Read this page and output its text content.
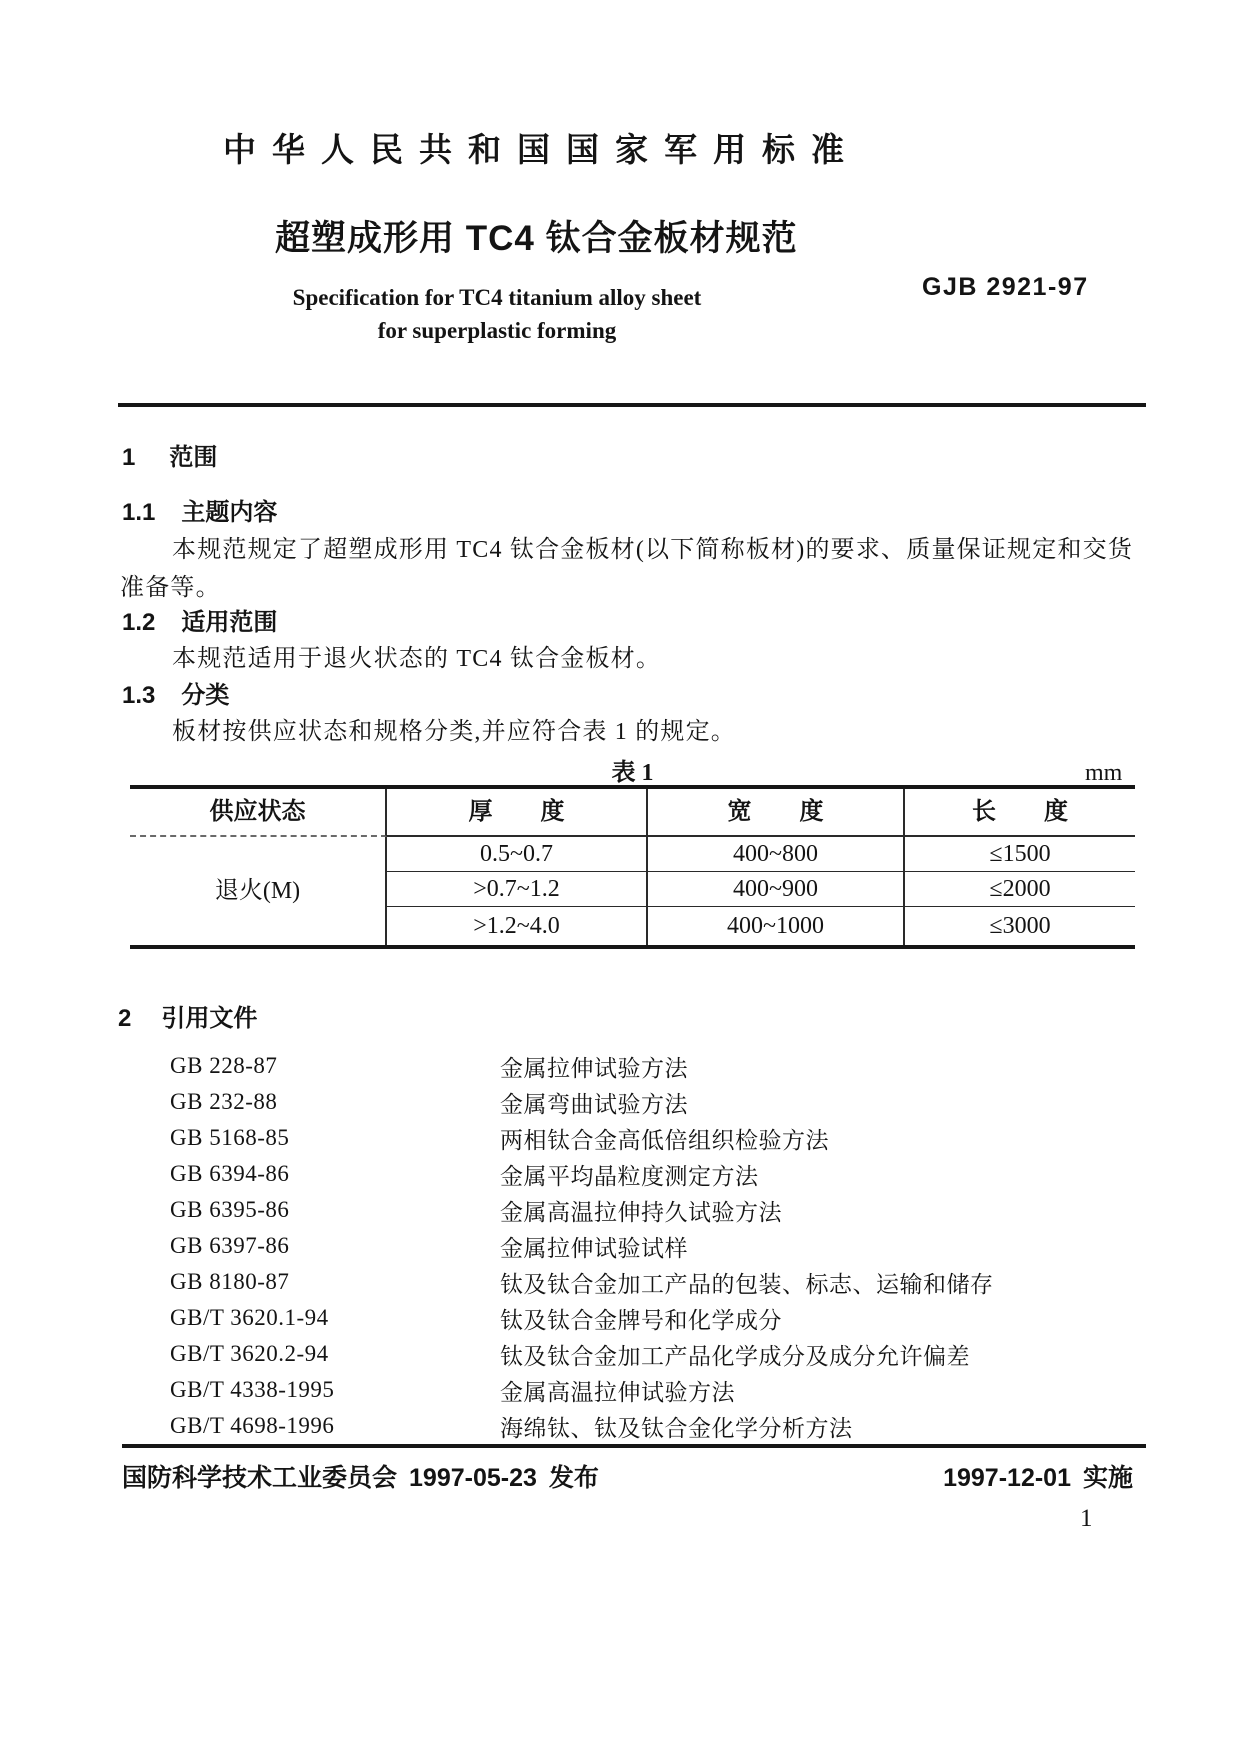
中华人民共和国国家军用标准
超塑成形用 TC4 钛合金板材规范
Specification for TC4 titanium alloy sheet
for superplastic forming
GJB 2921-97
1 范围
1.1 主题内容
本规范规定了超塑成形用 TC4 钛合金板材(以下简称板材)的要求、质量保证规定和交货
准备等。
1.2 适用范围
本规范适用于退火状态的 TC4 钛合金板材。
1.3 分类
板材按供应状态和规格分类,并应符合表 1 的规定。
表 1	mm
供应状态	厚　　度	宽　　度	长　　度
退火(M)
0.5~0.7	400~800	≤1500
>0.7~1.2	400~900	≤2000
>1.2~4.0	400~1000	≤3000
2 引用文件
GB 228-87	金属拉伸试验方法
GB 232-88	金属弯曲试验方法
GB 5168-85	两相钛合金高低倍组织检验方法
GB 6394-86	金属平均晶粒度测定方法
GB 6395-86	金属高温拉伸持久试验方法
GB 6397-86	金属拉伸试验试样
GB 8180-87	钛及钛合金加工产品的包装、标志、运输和储存
GB/T 3620.1-94	钛及钛合金牌号和化学成分
GB/T 3620.2-94	钛及钛合金加工产品化学成分及成分允许偏差
GB/T 4338-1995	金属高温拉伸试验方法
GB/T 4698-1996	海绵钛、钛及钛合金化学分析方法
国防科学技术工业委员会 1997-05-23 发布	1997-12-01 实施
1
